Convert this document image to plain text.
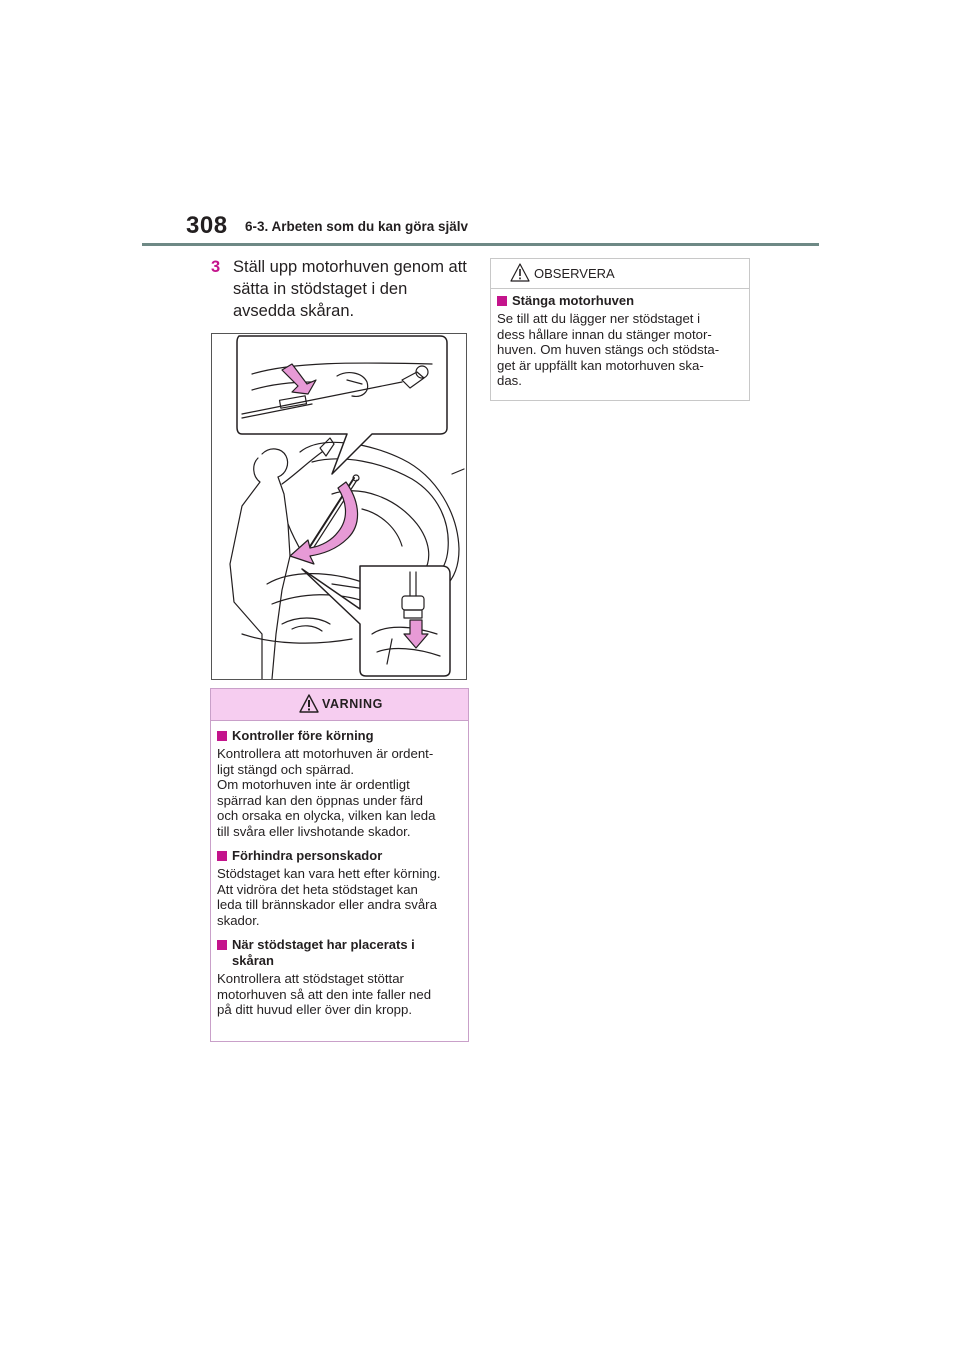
308 6-3. Arbeten som du kan göra själv
3 Ställ upp motorhuven genom att sätta in stödstaget i den avsedda skåran.
VARNING
Kontroller före körning
Kontrollera att motorhuven är ordent-
ligt stängd och spärrad.
Om motorhuven inte är ordentligt
spärrad kan den öppnas under färd
och orsaka en olycka, vilken kan leda
till svåra eller livshotande skador.
Förhindra personskador
Stödstaget kan vara hett efter körning.
Att vidröra det heta stödstaget kan
leda till brännskador eller andra svåra
skador.
När stödstaget har placerats i
skåran
Kontrollera att stödstaget stöttar
motorhuven så att den inte faller ned
på ditt huvud eller över din kropp.
OBSERVERA
Stänga motorhuven
Se till att du lägger ner stödstaget i
dess hållare innan du stänger motor-
huven. Om huven stängs och stödsta-
get är uppfällt kan motorhuven ska-
das.
